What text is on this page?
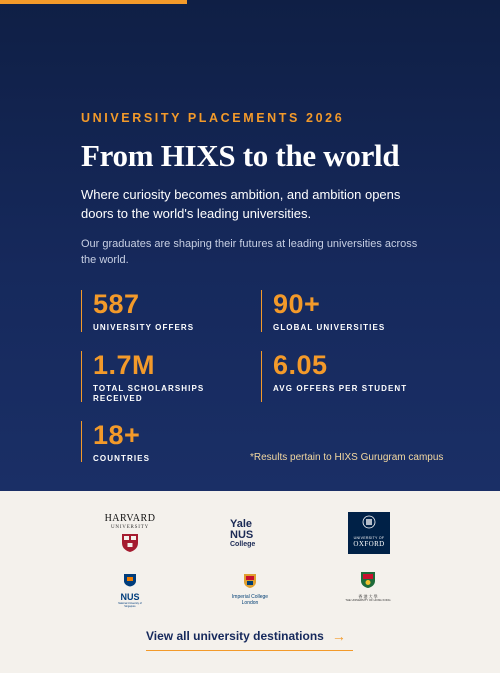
UNIVERSITY PLACEMENTS 2026
From HIXS to the world

Where curiosity becomes ambition, and ambition opens doors to the world's leading universities.

Our graduates are shaping their futures at leading universities across the world.

587
UNIVERSITY OFFERS
90+
GLOBAL UNIVERSITIES
1.7M
TOTAL SCHOLARSHIPS RECEIVED
6.05
AVG OFFERS PER STUDENT
18+
COUNTRIES	*Results pertain to HIXS Gurugram campus
HARVARD
UNIVERSITY	Yale
NUS
College
UNIVERSITY OF
OXFORD
NUS
National University of Singapore
Imperial College
London
香 港 大 學
THE UNIVERSITY OF HONG KONG
View all university destinations →
